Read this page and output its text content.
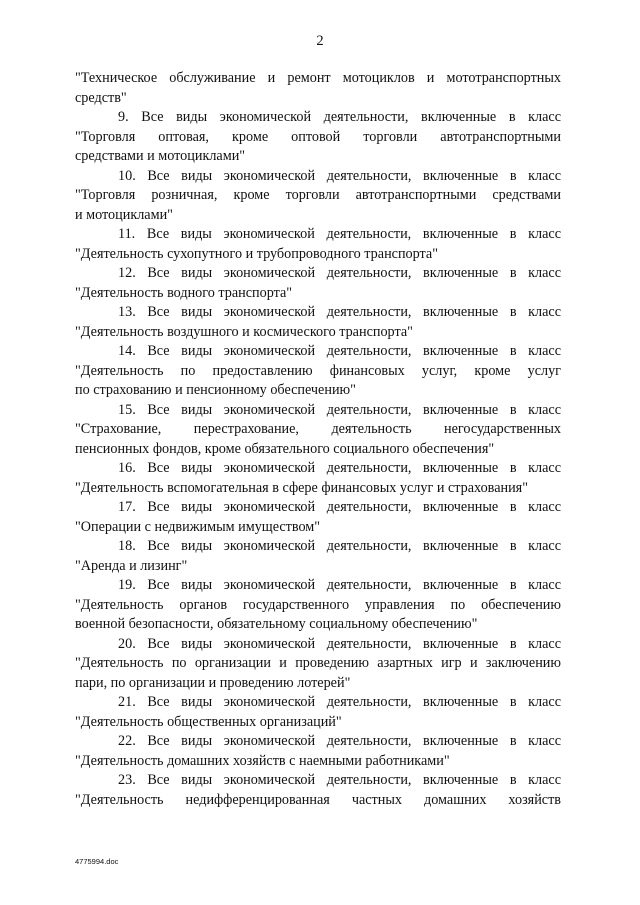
2
"Техническое обслуживание и ремонт мотоциклов и мототранспортных
средств"
9. Все виды экономической деятельности, включенные в класс
"Торговля оптовая, кроме оптовой торговли автотранспортными
средствами и мотоциклами"
10. Все виды экономической деятельности, включенные в класс
"Торговля розничная, кроме торговли автотранспортными средствами
и мотоциклами"
11. Все виды экономической деятельности, включенные в класс
"Деятельность сухопутного и трубопроводного транспорта"
12. Все виды экономической деятельности, включенные в класс
"Деятельность водного транспорта"
13. Все виды экономической деятельности, включенные в класс
"Деятельность воздушного и космического транспорта"
14. Все виды экономической деятельности, включенные в класс
"Деятельность по предоставлению финансовых услуг, кроме услуг
по страхованию и пенсионному обеспечению"
15. Все виды экономической деятельности, включенные в класс
"Страхование, перестрахование, деятельность негосударственных
пенсионных фондов, кроме обязательного социального обеспечения"
16. Все виды экономической деятельности, включенные в класс
"Деятельность вспомогательная в сфере финансовых услуг и страхования"
17. Все виды экономической деятельности, включенные в класс
"Операции с недвижимым имуществом"
18. Все виды экономической деятельности, включенные в класс
"Аренда и лизинг"
19. Все виды экономической деятельности, включенные в класс
"Деятельность органов государственного управления по обеспечению
военной безопасности, обязательному социальному обеспечению"
20. Все виды экономической деятельности, включенные в класс
"Деятельность по организации и проведению азартных игр и заключению
пари, по организации и проведению лотерей"
21. Все виды экономической деятельности, включенные в класс
"Деятельность общественных организаций"
22. Все виды экономической деятельности, включенные в класс
"Деятельность домашних хозяйств с наемными работниками"
23. Все виды экономической деятельности, включенные в класс
"Деятельность недифференцированная частных домашних хозяйств
4775994.doc
